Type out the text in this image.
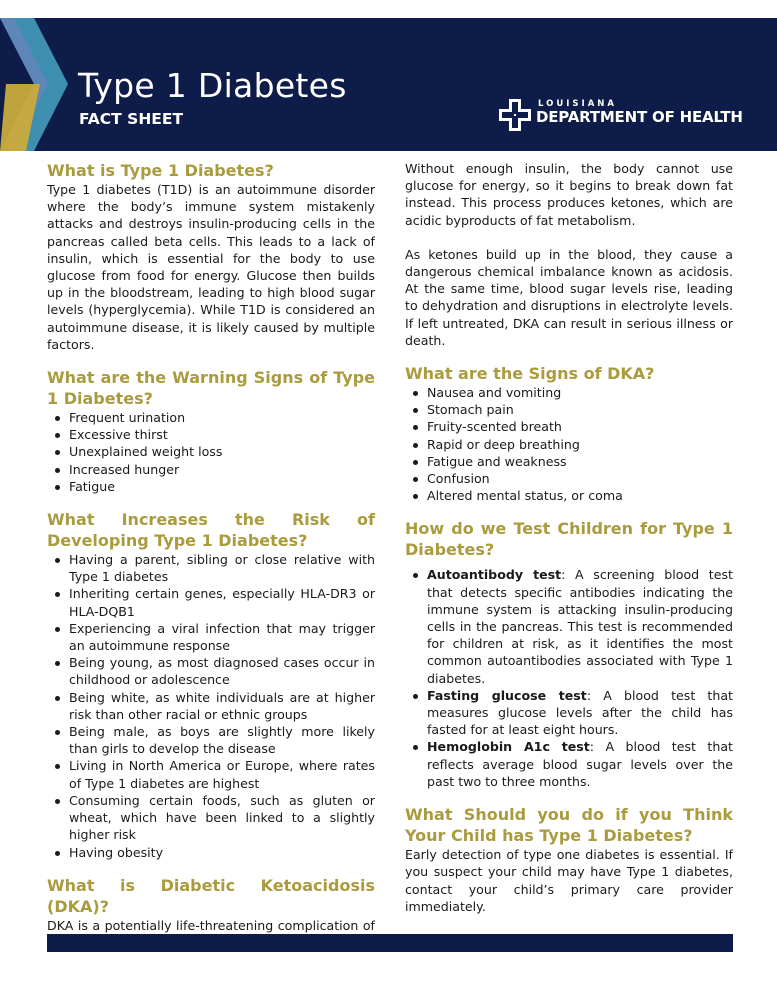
Type 1 Diabetes
FACT SHEET
LOUISIANA
DEPARTMENT OF HEALTH
What is Type 1 Diabetes?

Type 1 diabetes (T1D) is an autoimmune disorder where the body’s immune system mistakenly attacks and destroys insulin-producing cells in the pancreas called beta cells. This leads to a lack of insulin, which is essential for the body to use glucose from food for energy. Glucose then builds up in the bloodstream, leading to high blood sugar levels (hyperglycemia). While T1D is considered an autoimmune disease, it is likely caused by multiple factors.

What are the Warning Signs of Type 1 Diabetes?
Frequent urination
Excessive thirst
Unexplained weight loss
Increased hunger
Fatigue
What Increases the Risk of Developing Type 1 Diabetes?
Having a parent, sibling or close relative with Type 1 diabetes
Inheriting certain genes, especially HLA-DR3 or HLA-DQB1
Experiencing a viral infection that may trigger an autoimmune response
Being young, as most diagnosed cases occur in childhood or adolescence
Being white, as white individuals are at higher risk than other racial or ethnic groups
Being male, as boys are slightly more likely than girls to develop the disease
Living in North America or Europe, where rates of Type 1 diabetes are highest
Consuming certain foods, such as gluten or wheat, which have been linked to a slightly higher risk
Having obesity
What is Diabetic Ketoacidosis (DKA)?

DKA is a potentially life-threatening complication of

Without enough insulin, the body cannot use glucose for energy, so it begins to break down fat instead. This process produces ketones, which are acidic byproducts of fat metabolism.

As ketones build up in the blood, they cause a dangerous chemical imbalance known as acidosis. At the same time, blood sugar levels rise, leading to dehydration and disruptions in electrolyte levels. If left untreated, DKA can result in serious illness or death.

What are the Signs of DKA?
Nausea and vomiting
Stomach pain
Fruity-scented breath
Rapid or deep breathing
Fatigue and weakness
Confusion
Altered mental status, or coma
How do we Test Children for Type 1 Diabetes?
Autoantibody test: A screening blood test that detects specific antibodies indicating the immune system is attacking insulin-producing cells in the pancreas. This test is recommended for children at risk, as it identifies the most common autoantibodies associated with Type 1 diabetes.
Fasting glucose test: A blood test that measures glucose levels after the child has fasted for at least eight hours.
Hemoglobin A1c test: A blood test that reflects average blood sugar levels over the past two to three months.
What Should you do if you Think Your Child has Type 1 Diabetes?

Early detection of type one diabetes is essential. If you suspect your child may have Type 1 diabetes, contact your child’s primary care provider immediately.
